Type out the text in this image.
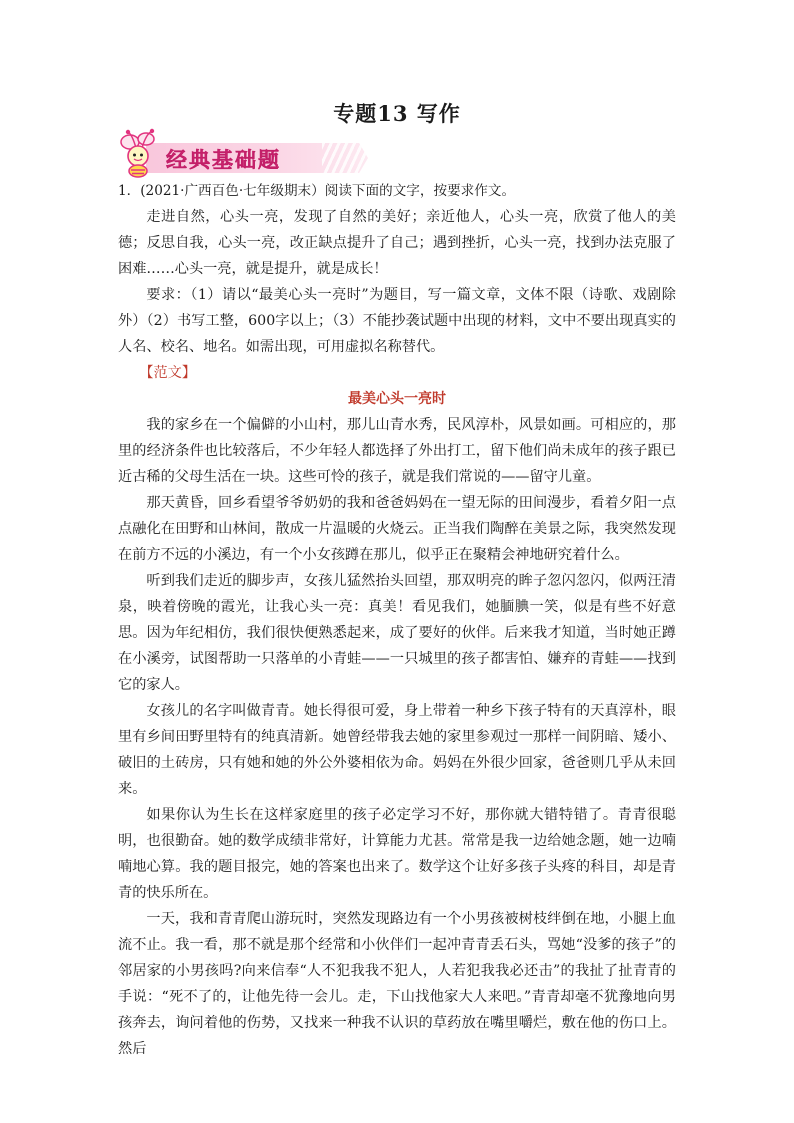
专题13 写作
经典基础题

1．(2021·广西百色·七年级期末）阅读下面的文字，按要求作文。

走进自然，心头一亮，发现了自然的美好；亲近他人，心头一亮，欣赏了他人的美德；反思自我，心头一亮，改正缺点提升了自己；遇到挫折，心头一亮，找到办法克服了困难……心头一亮，就是提升，就是成长！

要求：（1）请以“最美心头一亮时”为题目，写一篇文章，文体不限（诗歌、戏剧除外）（2）书写工整，600字以上；（3）不能抄袭试题中出现的材料，文中不要出现真实的人名、校名、地名。如需出现，可用虚拟名称替代。

【范文】

最美心头一亮时

我的家乡在一个偏僻的小山村，那儿山青水秀，民风淳朴，风景如画。可相应的，那里的经济条件也比较落后，不少年轻人都选择了外出打工，留下他们尚未成年的孩子跟已近古稀的父母生活在一块。这些可怜的孩子，就是我们常说的——留守儿童。

那天黄昏，回乡看望爷爷奶奶的我和爸爸妈妈在一望无际的田间漫步，看着夕阳一点点融化在田野和山林间，散成一片温暖的火烧云。正当我们陶醉在美景之际，我突然发现在前方不远的小溪边，有一个小女孩蹲在那儿，似乎正在聚精会神地研究着什么。

听到我们走近的脚步声，女孩儿猛然抬头回望，那双明亮的眸子忽闪忽闪，似两汪清泉，映着傍晚的霞光，让我心头一亮：真美！看见我们，她腼腆一笑，似是有些不好意思。因为年纪相仿，我们很快便熟悉起来，成了要好的伙伴。后来我才知道，当时她正蹲在小溪旁，试图帮助一只落单的小青蛙——一只城里的孩子都害怕、嫌弃的青蛙——找到它的家人。

女孩儿的名字叫做青青。她长得很可爱，身上带着一种乡下孩子特有的天真淳朴，眼里有乡间田野里特有的纯真清新。她曾经带我去她的家里参观过一那样一间阴暗、矮小、破旧的土砖房，只有她和她的外公外婆相依为命。妈妈在外很少回家，爸爸则几乎从未回来。

如果你认为生长在这样家庭里的孩子必定学习不好，那你就大错特错了。青青很聪明，也很勤奋。她的数学成绩非常好，计算能力尤甚。常常是我一边给她念题，她一边喃喃地心算。我的题目报完，她的答案也出来了。数学这个让好多孩子头疼的科目，却是青青的快乐所在。

一天，我和青青爬山游玩时，突然发现路边有一个小男孩被树枝绊倒在地，小腿上血流不止。我一看，那不就是那个经常和小伙伴们一起冲青青丢石头，骂她“没爹的孩子”的邻居家的小男孩吗?向来信奉“人不犯我我不犯人，人若犯我我必还击”的我扯了扯青青的手说：“死不了的，让他先待一会儿。走，下山找他家大人来吧。”青青却毫不犹豫地向男孩奔去，询问着他的伤势，又找来一种我不认识的草药放在嘴里嚼烂，敷在他的伤口上。然后
